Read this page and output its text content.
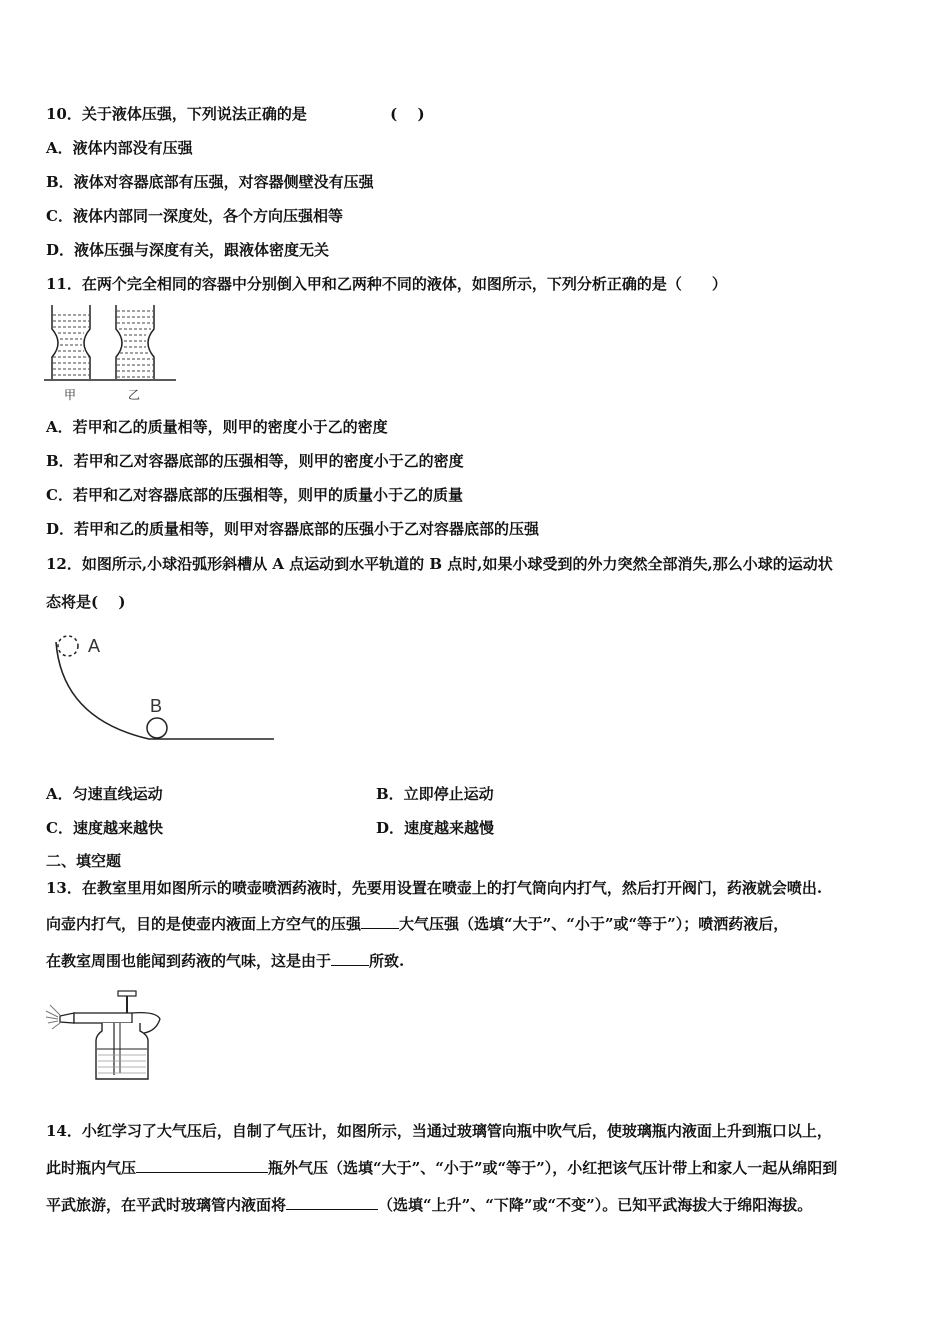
10．关于液体压强，下列说法正确的是	(　 )
A．液体内部没有压强
B．液体对容器底部有压强，对容器侧壁没有压强
C．液体内部同一深度处，各个方向压强相等
D．液体压强与深度有关，跟液体密度无关
11．在两个完全相同的容器中分别倒入甲和乙两种不同的液体，如图所示，下列分析正确的是（　　）
甲	乙
A．若甲和乙的质量相等，则甲的密度小于乙的密度
B．若甲和乙对容器底部的压强相等，则甲的密度小于乙的密度
C．若甲和乙对容器底部的压强相等，则甲的质量小于乙的质量
D．若甲和乙的质量相等，则甲对容器底部的压强小于乙对容器底部的压强
12．如图所示,小球沿弧形斜槽从 A 点运动到水平轨道的 B 点时,如果小球受到的外力突然全部消失,那么小球的运动状
态将是(　 )
A
B
A．匀速直线运动	B．立即停止运动
C．速度越来越快	D．速度越来越慢
二、填空题
13．在教室里用如图所示的喷壶喷洒药液时，先要用设置在喷壶上的打气筒向内打气，然后打开阀门，药液就会喷出.
向壶内打气，目的是使壶内液面上方空气的压强	大气压强（选填“大于”、“小于”或“等于”）；喷洒药液后，
在教室周围也能闻到药液的气味，这是由于	所致.
14．小红学习了大气压后，自制了气压计，如图所示，当通过玻璃管向瓶中吹气后，使玻璃瓶内液面上升到瓶口以上，
此时瓶内气压	瓶外气压（选填“大于”、“小于”或“等于”），小红把该气压计带上和家人一起从绵阳到
平武旅游，在平武时玻璃管内液面将	（选填“上升”、“下降”或“不变”）。已知平武海拔大于绵阳海拔。
